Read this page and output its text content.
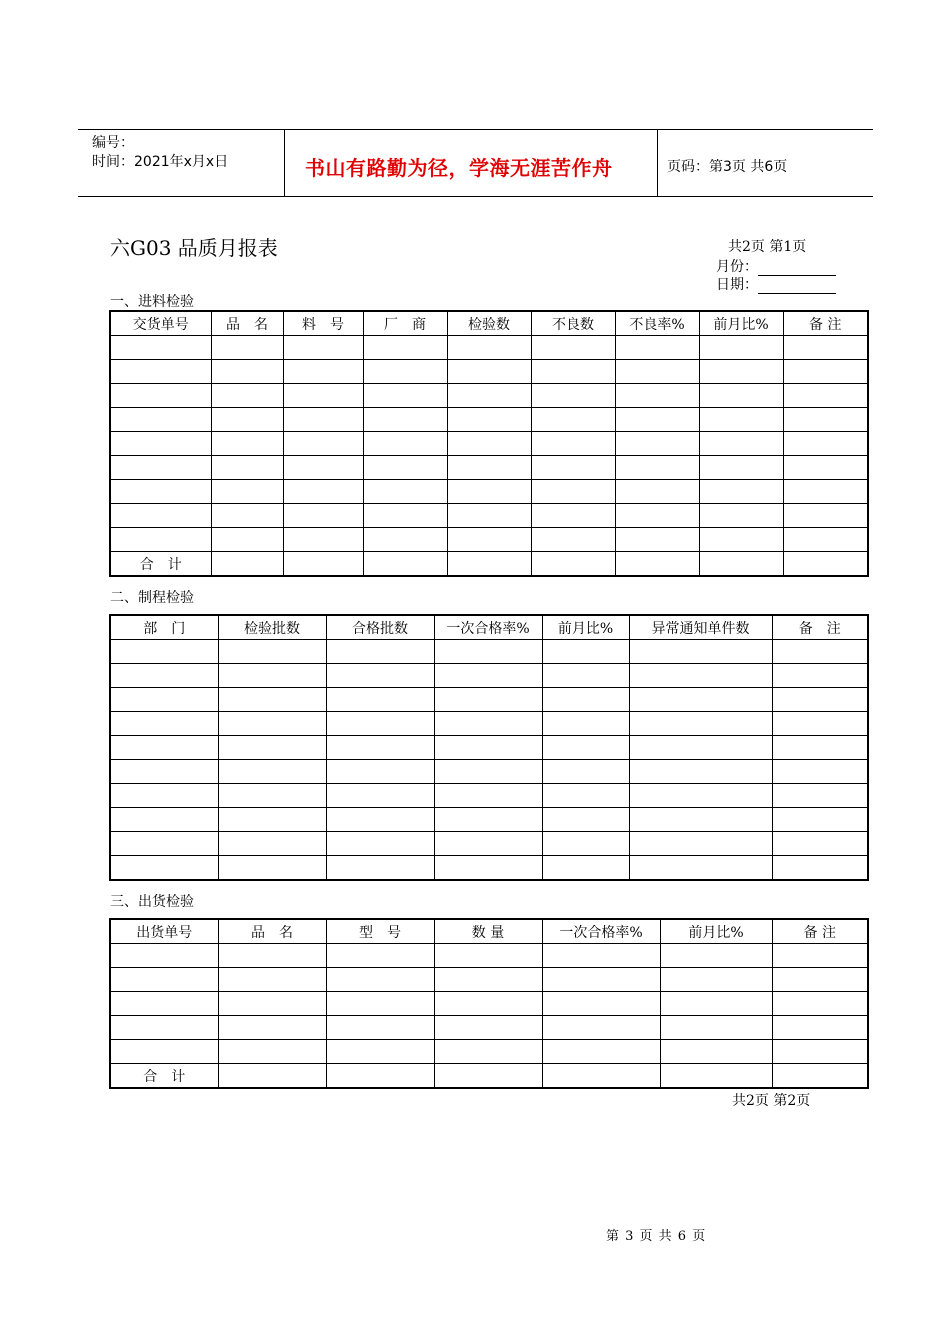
编号：
时间：2021年x月x日	书山有路勤为径，学海无涯苦作舟	页码：第3页 共6页
六G03 品质月报表	共2页 第1页
月份：
日期：
一、进料检验
交货单号	品　名	料　号	厂　商	检验数	不良数	不良率%	前月比%	备 注

合　计								
二、制程检验
部　门	检验批数	合格批数	一次合格率%	前月比%	异常通知单件数	备　注

三、出货检验
出货单号	品　名	型　号	数 量	一次合格率%	前月比%	备 注

合　计						
共2页 第2页
第 3 页 共 6 页
